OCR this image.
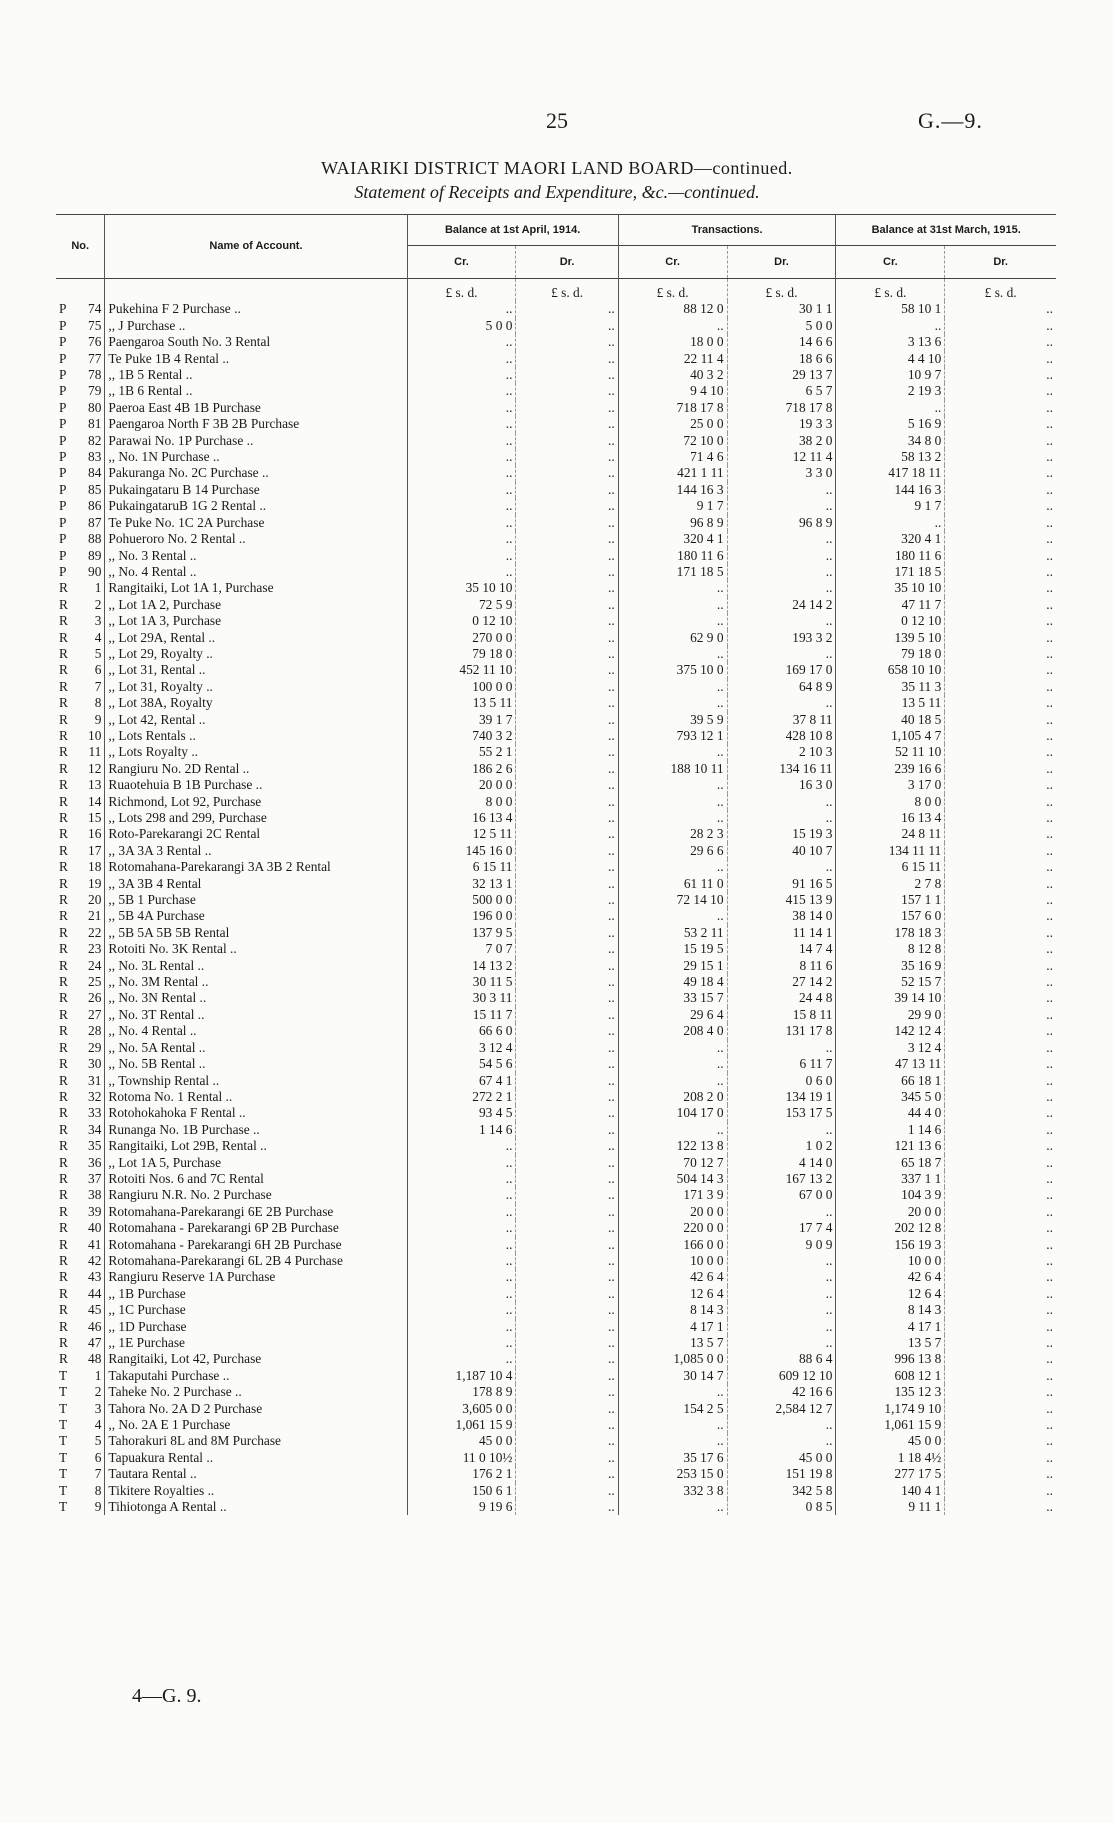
25	G.—9.
WAIARIKI DISTRICT MAORI LAND BOARD—continued.
Statement of Receipts and Expenditure, &c.—continued.
No.		Name of Account.	Balance at 1st April, 1914.		Transactions.		Balance at 31st March, 1915.	
			Cr.	Dr.	Cr.	Dr.	Cr.	Dr.
			£ s. d.	£ s. d.	£ s. d.	£ s. d.	£ s. d.	£ s. d.
P	74	Pukehina F 2 Purchase ..	..	..	88 12 0	30 1 1	58 10 1	..
P	75	,, J Purchase ..	5 0 0	..	..	5 0 0	..	..
P	76	Paengaroa South No. 3 Rental	..	..	18 0 0	14 6 6	3 13 6	..
P	77	Te Puke 1B 4 Rental ..	..	..	22 11 4	18 6 6	4 4 10	..
P	78	,, 1B 5 Rental ..	..	..	40 3 2	29 13 7	10 9 7	..
P	79	,, 1B 6 Rental ..	..	..	9 4 10	6 5 7	2 19 3	..
P	80	Paeroa East 4B 1B Purchase	..	..	718 17 8	718 17 8	..	..
P	81	Paengaroa North F 3B 2B Purchase	..	..	25 0 0	19 3 3	5 16 9	..
P	82	Parawai No. 1P Purchase ..	..	..	72 10 0	38 2 0	34 8 0	..
P	83	,, No. 1N Purchase ..	..	..	71 4 6	12 11 4	58 13 2	..
P	84	Pakuranga No. 2C Purchase ..	..	..	421 1 11	3 3 0	417 18 11	..
P	85	Pukaingataru B 14 Purchase	..	..	144 16 3	..	144 16 3	..
P	86	PukaingataruB 1G 2 Rental ..	..	..	9 1 7	..	9 1 7	..
P	87	Te Puke No. 1C 2A Purchase	..	..	96 8 9	96 8 9	..	..
P	88	Pohueroro No. 2 Rental ..	..	..	320 4 1	..	320 4 1	..
P	89	,, No. 3 Rental ..	..	..	180 11 6	..	180 11 6	..
P	90	,, No. 4 Rental ..	..	..	171 18 5	..	171 18 5	..
R	1	Rangitaiki, Lot 1A 1, Purchase	35 10 10	..	..	..	35 10 10	..
R	2	,, Lot 1A 2, Purchase	72 5 9	..	..	24 14 2	47 11 7	..
R	3	,, Lot 1A 3, Purchase	0 12 10	..	..	..	0 12 10	..
R	4	,, Lot 29A, Rental ..	270 0 0	..	62 9 0	193 3 2	139 5 10	..
R	5	,, Lot 29, Royalty ..	79 18 0	..	..	..	79 18 0	..
R	6	,, Lot 31, Rental ..	452 11 10	..	375 10 0	169 17 0	658 10 10	..
R	7	,, Lot 31, Royalty ..	100 0 0	..	..	64 8 9	35 11 3	..
R	8	,, Lot 38A, Royalty	13 5 11	..	..	..	13 5 11	..
R	9	,, Lot 42, Rental ..	39 1 7	..	39 5 9	37 8 11	40 18 5	..
R	10	,, Lots Rentals ..	740 3 2	..	793 12 1	428 10 8	1,105 4 7	..
R	11	,, Lots Royalty ..	55 2 1	..	..	2 10 3	52 11 10	..
R	12	Rangiuru No. 2D Rental ..	186 2 6	..	188 10 11	134 16 11	239 16 6	..
R	13	Ruaotehuia B 1B Purchase ..	20 0 0	..	..	16 3 0	3 17 0	..
R	14	Richmond, Lot 92, Purchase	8 0 0	..	..	..	8 0 0	..
R	15	,, Lots 298 and 299, Purchase	16 13 4	..	..	..	16 13 4	..
R	16	Roto-Parekarangi 2C Rental	12 5 11	..	28 2 3	15 19 3	24 8 11	..
R	17	,, 3A 3A 3 Rental ..	145 16 0	..	29 6 6	40 10 7	134 11 11	..
R	18	Rotomahana-Parekarangi 3A 3B 2 Rental	6 15 11	..	..	..	6 15 11	..
R	19	,, 3A 3B 4 Rental	32 13 1	..	61 11 0	91 16 5	2 7 8	..
R	20	,, 5B 1 Purchase	500 0 0	..	72 14 10	415 13 9	157 1 1	..
R	21	,, 5B 4A Purchase	196 0 0	..	..	38 14 0	157 6 0	..
R	22	,, 5B 5A 5B 5B Rental	137 9 5	..	53 2 11	11 14 1	178 18 3	..
R	23	Rotoiti No. 3K Rental ..	7 0 7	..	15 19 5	14 7 4	8 12 8	..
R	24	,, No. 3L Rental ..	14 13 2	..	29 15 1	8 11 6	35 16 9	..
R	25	,, No. 3M Rental ..	30 11 5	..	49 18 4	27 14 2	52 15 7	..
R	26	,, No. 3N Rental ..	30 3 11	..	33 15 7	24 4 8	39 14 10	..
R	27	,, No. 3T Rental ..	15 11 7	..	29 6 4	15 8 11	29 9 0	..
R	28	,, No. 4 Rental ..	66 6 0	..	208 4 0	131 17 8	142 12 4	..
R	29	,, No. 5A Rental ..	3 12 4	..	..	..	3 12 4	..
R	30	,, No. 5B Rental ..	54 5 6	..	..	6 11 7	47 13 11	..
R	31	,, Township Rental ..	67 4 1	..	..	0 6 0	66 18 1	..
R	32	Rotoma No. 1 Rental ..	272 2 1	..	208 2 0	134 19 1	345 5 0	..
R	33	Rotohokahoka F Rental ..	93 4 5	..	104 17 0	153 17 5	44 4 0	..
R	34	Runanga No. 1B Purchase ..	1 14 6	..	..	..	1 14 6	..
R	35	Rangitaiki, Lot 29B, Rental ..	..	..	122 13 8	1 0 2	121 13 6	..
R	36	,, Lot 1A 5, Purchase	..	..	70 12 7	4 14 0	65 18 7	..
R	37	Rotoiti Nos. 6 and 7C Rental	..	..	504 14 3	167 13 2	337 1 1	..
R	38	Rangiuru N.R. No. 2 Purchase	..	..	171 3 9	67 0 0	104 3 9	..
R	39	Rotomahana-Parekarangi 6E 2B Purchase	..	..	20 0 0	..	20 0 0	..
R	40	Rotomahana - Parekarangi 6P 2B Purchase	..	..	220 0 0	17 7 4	202 12 8	..
R	41	Rotomahana - Parekarangi 6H 2B Purchase	..	..	166 0 0	9 0 9	156 19 3	..
R	42	Rotomahana-Parekarangi 6L 2B 4 Purchase	..	..	10 0 0	..	10 0 0	..
R	43	Rangiuru Reserve 1A Purchase	..	..	42 6 4	..	42 6 4	..
R	44	,, 1B Purchase	..	..	12 6 4	..	12 6 4	..
R	45	,, 1C Purchase	..	..	8 14 3	..	8 14 3	..
R	46	,, 1D Purchase	..	..	4 17 1	..	4 17 1	..
R	47	,, 1E Purchase	..	..	13 5 7	..	13 5 7	..
R	48	Rangitaiki, Lot 42, Purchase	..	..	1,085 0 0	88 6 4	996 13 8	..
T	1	Takaputahi Purchase ..	1,187 10 4	..	30 14 7	609 12 10	608 12 1	..
T	2	Taheke No. 2 Purchase ..	178 8 9	..	..	42 16 6	135 12 3	..
T	3	Tahora No. 2A D 2 Purchase	3,605 0 0	..	154 2 5	2,584 12 7	1,174 9 10	..
T	4	,, No. 2A E 1 Purchase	1,061 15 9	..	..	..	1,061 15 9	..
T	5	Tahorakuri 8L and 8M Purchase	45 0 0	..	..	..	45 0 0	..
T	6	Tapuakura Rental ..	11 0 10½	..	35 17 6	45 0 0	1 18 4½	..
T	7	Tautara Rental ..	176 2 1	..	253 15 0	151 19 8	277 17 5	..
T	8	Tikitere Royalties ..	150 6 1	..	332 3 8	342 5 8	140 4 1	..
T	9	Tihiotonga A Rental ..	9 19 6	..	..	0 8 5	9 11 1	..
4—G. 9.
